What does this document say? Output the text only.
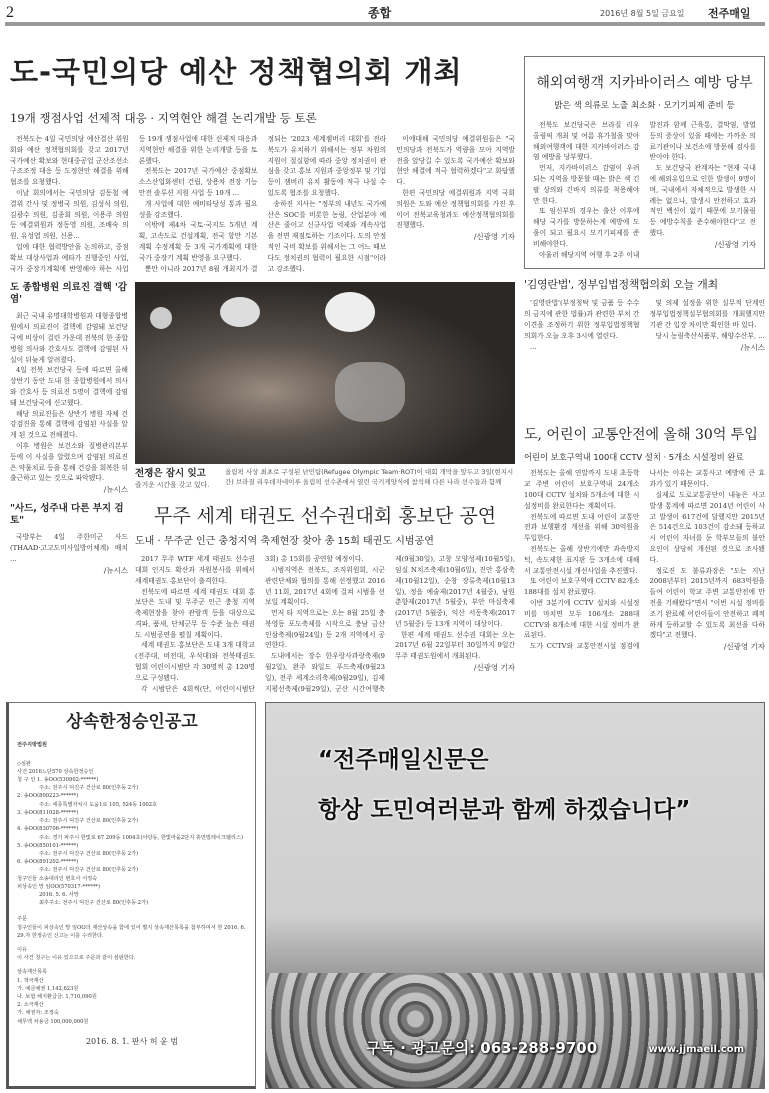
2	종합	2016년 8월 5일 금요일 전주매일
도-국민의당 예산 정책협의회 개최
19개 쟁점사업 선제적 대응 · 지역현안 해결 논리개발 등 토론

전북도는 4일 국민의당 예산결산 위원회와 예산 정책협의회를 갖고 2017년 국가예산 확보와 현대중공업 군산조선소 구조조정 대응 등 도정현안 해결을 위해 협조를 요청했다.

이날 회의에서는 국민의당 김동철 예결위 간사 및 정병국 의원, 김성식 의원, 김광수 의원, 김종회 의원, 이용주 의원 등 예결위원과 정동영 의원, 조배숙 의원, 유성엽 의원, 신용...

업에 대한 협력방안을 논의하고, 중점 확보 대상사업과 예타가 진행중인 사업, 국가 중장기계획에 반영해야 하는 사업 등 19개 쟁점사업에 대한 선제적 대응과 지역현안 해결을 위한 논리개발 등을 토론했다.

전북도는 2017년 국가예산 중점확보 소스산업화센터 건립, 상용차 전장 기능안전 솔루션 지원 사업 등 19개 ...

개 사업에 대한 예비타당성 통과 필요성을 강조했다.

이밖에 제4차 국토·국지도 5개년 계획, 고속도로 건설계획, 전국 항만 기본계획 수정계획 등 3개 국가계획에 대한 국가 중장기 계획 반영을 요구했다.

뿐만 아니라 2017년 8월 개최지가 결정되는 '2023 세계잼버리 대회'를 전라북도가 유치하기 위해서는 정부 차원의 지원이 절실함에 따라 중앙 정치권이 관심을 갖고 홍보 지원과 중앙정부 및 기업 등이 잼버리 유치 활동에 적극 나설 수 있도록 협조를 요청했다.

송하진 지사는 "정부의 내년도 국가예산은 SOC를 비롯한 농림, 산업분야 예산은 줄이고 신규사업 억제와 계속사업을 전면 재점토하는 기조이다. 도의 안정적인 국비 확보를 위해서는 그 어느 때보다도 정치권의 협력이 필요한 시점"이라고 강조했다.

이에대해 국민의당 예결위원들은 "국민의당과 전북도가 역량을 모아 지역발전을 앞당길 수 있도록 국가예산 확보와 현안 해결에 적극 협력하겠다"고 화답했다.

한편 국민의당 예결위원과 지역 국회의원은 도와 예산 정책협의회를 가진 후 이어 전북교육청과도 예산정책협의회를 진행했다.

/신광영 기자
도 종합병원 의료진 결핵 '감염'

최근 국내 유명대학병원과 대형종합병원에서 의료진이 결핵에 감염돼 보건당국에 비상이 걸린 가운데 전북의 한 종합병원 의사와 간호사도 결핵에 감염된 사실이 뒤늦게 알려졌다.

4일 전북 보건당국 등에 따르면 올해 상반기 동안 도내 한 종합병원에서 의사와 간호사 등 의료진 5명이 결핵에 감염돼 보건당국에 신고했다.

해당 의료진들은 상반기 병원 자체 건강검진을 통해 결핵에 감염된 사실을 알게 된 것으로 전해졌다.

이후 병원은 보건소와 질병관리본부 등에 이 사실을 알렸으며 감염된 의료진은 약물치료 등을 통해 건강을 회복한 뒤 출근하고 있는 것으로 파악됐다.

/뉴시스
전쟁은 잠시 잊고
즐거운 시간을 갖고 있다.
올림픽 사상 최초로 구성된 난민팀(Refugee Olympic Team·ROT)이 대회 개막을 앞두고 3일(현지시간) 브라질 리우데자네이루 올림픽 선수촌에서 열린 국기게양식에 참석해 다른 나라 선수들과 함께
"사드, 성주내 다른 부지 검토"

국방부는 4일 주한미군 사드(THAAD·고고도미사일방어체계) 배치 ...

/뉴시스
무주 세계 태권도 선수권대회 홍보단 공연
도내 · 무주군 인근 충청지역 축제현장 찾아 총 15회 태권도 시범공연

2017 무주 WTF 세계 태권도 선수권대회 인지도 확산과 자원봉사를 위해서 세계태권도 홍보단이 출격한다.

전북도에 따르면 세계 태권도 대회 홍보단은 도내 및 무주군 인근 충청 지역 축제현장을 찾아 관람객 등을 대상으로 격파, 품새, 단체군무 등 수준 높은 태권도 시범공연을 펼칠 계획이다.

세계 태권도 홍보단은 도내 3개 대학교(전주대, 비전대, 우석대)와 전북태권도협회 어린이시범단 각 30명씩 총 120명으로 구성됐다.

각 시범단은 4회씩(단, 어린이시범단 3회) 총 15회를 공연할 예정이다.

시범지역은 전북도, 조직위원회, 시군 관련단체와 협의를 통해 선정했고 2016년 11회, 2017년 4회에 걸쳐 시범을 선보일 계획이다.

먼저 타 지역으로는 오는 8월 25일 충북영동 포도축제를 시작으로 충남 금산 인삼축제(9월24일) 등 2개 지역에서 공연한다.

도내에서는 장수 한우랑사과랑축제(9월2일), 완주 와일드 푸드축제(9월23일), 전주 세계소리축제(9월29일), 김제 지평선축제(9월29일), 군산 시간여행축제(9월30일), 고창 모양성제(10월5일), 임실 N치즈축제(10월6일), 진안 홍삼축제(10월12일), 순창 장류축제(10월13일), 정읍 예술제(2017년 4월중), 남원 춘향제(2017년 5월중), 부안 마실축제(2017년 5월중), 익산 서동축제(2017년 5월중) 등 13개 지역이 대상이다.

한편 세계 태권도 선수권 대회는 오는 2017년 6월 22일부터 30일까지 9일간 무주 태권도원에서 개최된다.

/신광영 기자
해외여행객 지카바이러스 예방 당부
밝은 색 의류로 노출 최소화 · 모기기피제 준비 등

전북도 보건당국은 브라질 리우 올림픽 개최 및 여름 휴가철을 맞아 해외여행객에 대한 지카바이러스 감염 예방을 당부했다.

먼저, 지카바이러스 감염이 우려되는 지역을 방문할 때는 밝은 색 긴팔 상의와 긴바지 의류를 착용해야만 한다.

또 임신부의 경우는 출산 이후에 해당 국가를 방문하는게 예방에 도움이 되고 필요시 모기기피제를 준비해야한다.

아울러 해당지역 여행 후 2주 이내 발진과 함께 근육통, 결막염, 발열 등의 증상이 있을 때에는 가까운 의료기관이나 보건소에 방문해 검사를 받아야 한다.

도 보건당국 관계자는 "현재 국내에 해외유입으로 인한 발생이 9명이며, 국내에서 자체적으로 발생한 사례는 없으나, 발생시 안전하고 효과적인 백신이 없기 때문에 모기물림 등 예방수칙을 준수해야한다"고 전했다.

/신광영 기자
'김영란법', 정부입법정책협의회 오늘 개최

'김영란법'(부정청탁 및 금품 등 수수의 금지에 관한 법률)과 관련한 부처 간 이견을 조정하기 위한 정부입법정책협의회가 오늘 오후 3시에 열린다.

...

및 의제 설정을 위한 실무적 단계인 정부입법정책실무협의회를 개최했지만 기관 간 입장 차이만 확인한 바 있다.

당시 농림축산식품부, 해양수산부, ...

/뉴시스
도, 어린이 교통안전에 올해 30억 투입
어린이 보호구역내 100대 CCTV 설치 · 5개소 시설정비 완료

전북도는 올해 연말까지 도내 초등학교 주변 어린이 보호구역내 24개소 100대 CCTV 설치와 5개소에 대한 시설정비를 완료한다는 계획이다.

전북도에 따르면 도내 어린이 교통안전과 보행환경 개선을 위해 30억원을 투입한다.

전북도는 올해 상반기에만 과속방지턱, 속도제한 표지판 등 3개소에 대해서 교통안전시설 개선사업을 추진했다.

또 어린이 보호구역에 CCTV 82개소 188대를 설치 완료했다.

이번 3분기에 CCTV 설치와 시설정비를 마치면 모두 106개소 288대 CCTV와 8개소에 대한 시설 정비가 완료된다.

도가 CCTV와 교통안전시설 점검에 나서는 이유는 교통사고 예방에 큰 효과가 있기 때문이다.

실제로 도로교통공단이 내놓은 사고 발생 통계에 따르면 2014년 어린이 사고 발생이 617건에 달했지만 2015년은 514건으로 103건이 감소돼 등하교시 어린이 자녀를 둔 학부모들의 불안 요인이 상당히 개선된 것으로 조사됐다.

정로진 도 불류과장은 "도는 지난 2008년부터 2015년까지 683억원을 들여 어린이 학교 주변 교통안전에 만전을 기해왔다"면서 "이번 시설 정비를 조기 완료해 어린이들이 안전하고 쾌적하게 등하교할 수 있도록 최선을 다하겠다"고 전했다.

/신광영 기자
상속한정승인공고
전주지방법원
◇심판
사건 2016느단570 상속한정승인

청 구 인 1. 송OO(530902-******)

주소: 전주시 덕진구 건산로 80(인후동 2가)

2. 송OO(800223-******)

주소: 세종특별자치시 도움1로 105, 524동 1002호

3. 송OO(811028-******)

주소: 전주시 덕진구 건산로 80(인후동 2가)

4. 송OO(830706-******)

주소: 경기 파주시 한빛로 67 209동 1004호(야당동, 한빛마을2단지 휴먼빌레이크팰리스)

5. 송OO(850101-******)

주소: 전주시 덕진구 건산로 80(인후동 2가)

6. 송OO(891202-******)

주소: 전주시 덕진구 건산로 80(인후동 2가)

청구인들 소송대리인 변호사 서정숙

피상속인 망 임OO(570317-******)

2016. 5. 6. 사망

최후주소: 전주시 덕진구 건산로 80(인후동 2가)

주문
청구인들이 피상속인 망 임OO의 재산상속을 함에 있어 별지 상속재산목록을 첨부하여서 한 2016. 6. 29.자 한정승인 신고는 이를 수리한다.
이유
이 사건 청구는 이유 있으므로 주문과 같이 심판한다.
상속재산목록

1. 적극재산

가. 예금채권 1,142,623원

나. 보험 해지환급금: 1,710,090원

2. 소극재산

가. 채권자: 조정숙

채무액 차용금 100,000,000원

2016. 8. 1. 판사 허 윤 범
“전주매일신문은
항상 도민여러분과 함께 하겠습니다”
구독 · 광고문의: 063-288-9700	www.jjmaeil.com
